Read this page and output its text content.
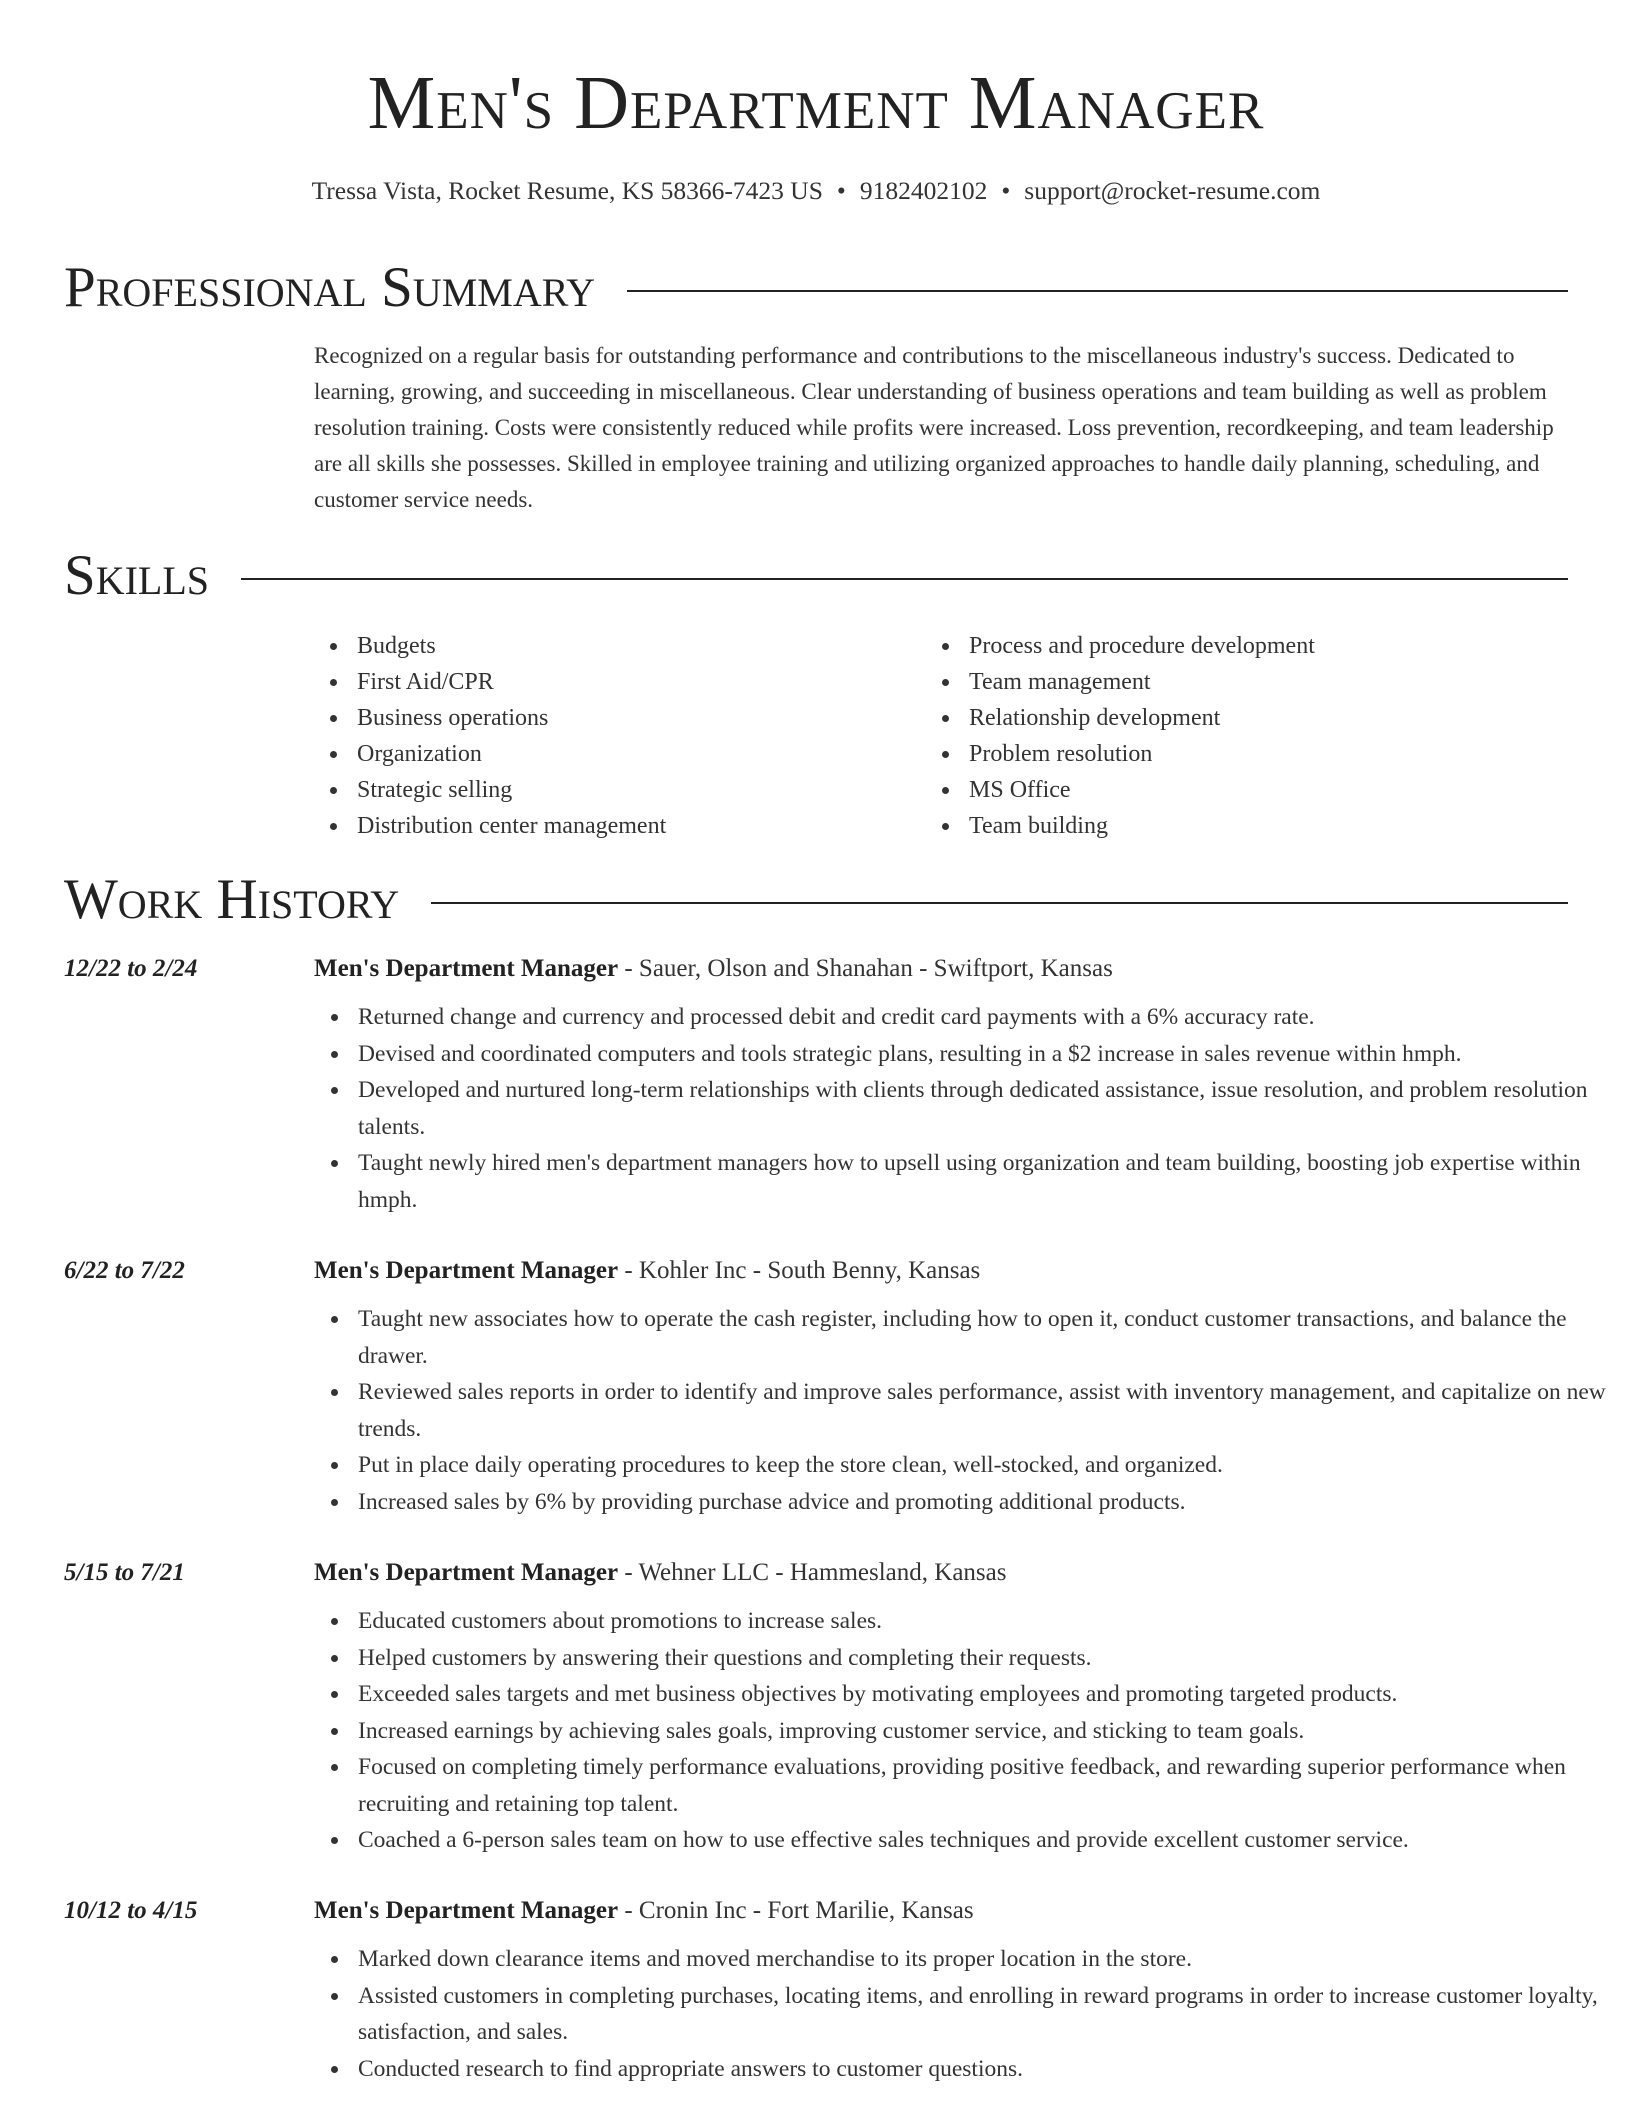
Men's Department Manager
Tressa Vista, Rocket Resume, KS 58366-7423 US • 9182402102 • support@rocket-resume.com
Professional Summary
Recognized on a regular basis for outstanding performance and contributions to the miscellaneous industry's success. Dedicated to learning, growing, and succeeding in miscellaneous. Clear understanding of business operations and team building as well as problem resolution training. Costs were consistently reduced while profits were increased. Loss prevention, recordkeeping, and team leadership are all skills she possesses. Skilled in employee training and utilizing organized approaches to handle daily planning, scheduling, and customer service needs.
Skills
Budgets
First Aid/CPR
Business operations
Organization
Strategic selling
Distribution center management
Process and procedure development
Team management
Relationship development
Problem resolution
MS Office
Team building
Work History
12/22 to 2/24	Men's Department Manager - Sauer, Olson and Shanahan - Swiftport, Kansas
Returned change and currency and processed debit and credit card payments with a 6% accuracy rate.
Devised and coordinated computers and tools strategic plans, resulting in a $2 increase in sales revenue within hmph.
Developed and nurtured long-term relationships with clients through dedicated assistance, issue resolution, and problem resolution talents.
Taught newly hired men's department managers how to upsell using organization and team building, boosting job expertise within hmph.
6/22 to 7/22	Men's Department Manager - Kohler Inc - South Benny, Kansas
Taught new associates how to operate the cash register, including how to open it, conduct customer transactions, and balance the drawer.
Reviewed sales reports in order to identify and improve sales performance, assist with inventory management, and capitalize on new trends.
Put in place daily operating procedures to keep the store clean, well-stocked, and organized.
Increased sales by 6% by providing purchase advice and promoting additional products.
5/15 to 7/21	Men's Department Manager - Wehner LLC - Hammesland, Kansas
Educated customers about promotions to increase sales.
Helped customers by answering their questions and completing their requests.
Exceeded sales targets and met business objectives by motivating employees and promoting targeted products.
Increased earnings by achieving sales goals, improving customer service, and sticking to team goals.
Focused on completing timely performance evaluations, providing positive feedback, and rewarding superior performance when recruiting and retaining top talent.
Coached a 6-person sales team on how to use effective sales techniques and provide excellent customer service.
10/12 to 4/15	Men's Department Manager - Cronin Inc - Fort Marilie, Kansas
Marked down clearance items and moved merchandise to its proper location in the store.
Assisted customers in completing purchases, locating items, and enrolling in reward programs in order to increase customer loyalty, satisfaction, and sales.
Conducted research to find appropriate answers to customer questions.
